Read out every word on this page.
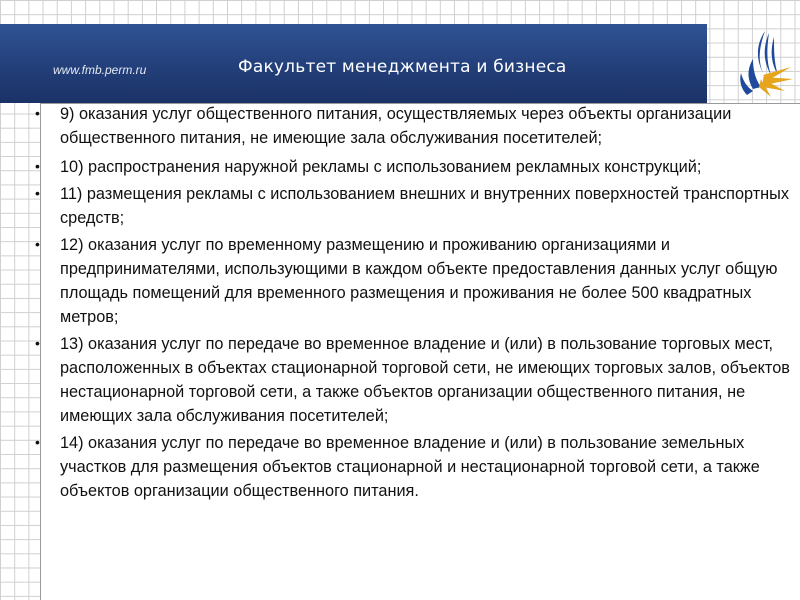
www.fmb.perm.ru	Факультет менеджмента и бизнеса
• 9) оказания услуг общественного питания, осуществляемых через объекты организации общественного питания, не имеющие зала обслуживания посетителей;
• 10) распространения наружной рекламы с использованием рекламных конструкций;
• 11) размещения рекламы с использованием внешних и внутренних поверхностей транспортных средств;
• 12) оказания услуг по временному размещению и проживанию организациями и предпринимателями, использующими в каждом объекте предоставления данных услуг общую площадь помещений для временного размещения и проживания не более 500 квадратных метров;
• 13) оказания услуг по передаче во временное владение и (или) в пользование торговых мест, расположенных в объектах стационарной торговой сети, не имеющих торговых залов, объектов нестационарной торговой сети, а также объектов организации общественного питания, не имеющих зала обслуживания посетителей;
• 14) оказания услуг по передаче во временное владение и (или) в пользование земельных участков для размещения объектов стационарной и нестационарной торговой сети, а также объектов организации общественного питания.
